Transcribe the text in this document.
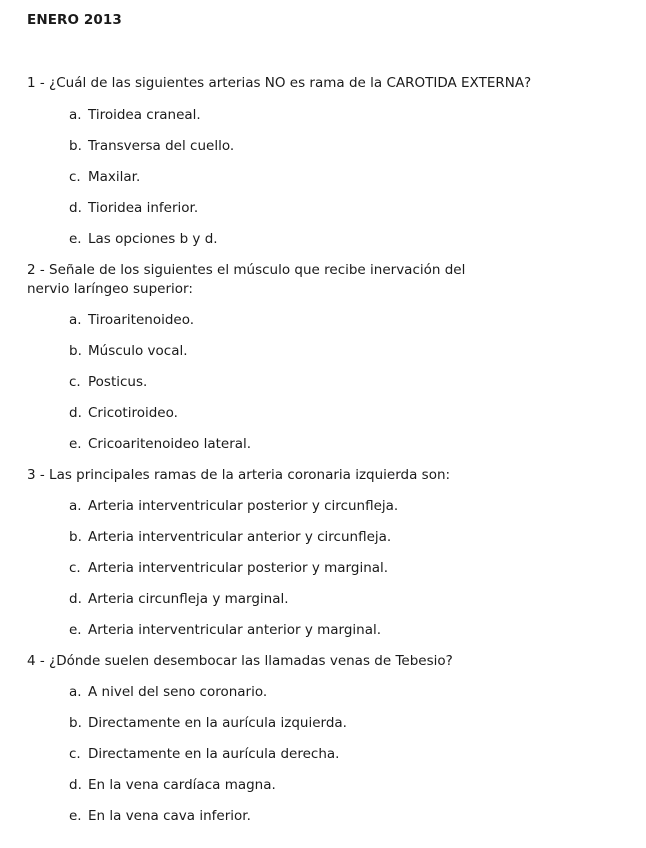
ENERO 2013
1 - ¿Cuál de las siguientes arterias NO es rama de la CAROTIDA EXTERNA?
a. Tiroidea craneal.
b. Transversa del cuello.
c. Maxilar.
d. Tioridea inferior.
e. Las opciones b y d.
2 - Señale de los siguientes el músculo que recibe inervación del nervio laríngeo superior:
a. Tiroaritenoideo.
b. Músculo vocal.
c. Posticus.
d. Cricotiroideo.
e. Cricoaritenoideo lateral.
3 - Las principales ramas de la arteria coronaria izquierda son:
a. Arteria interventricular posterior y circunfleja.
b. Arteria interventricular anterior y circunfleja.
c. Arteria interventricular posterior y marginal.
d. Arteria circunfleja y marginal.
e. Arteria interventricular anterior y marginal.
4 - ¿Dónde suelen desembocar las llamadas venas de Tebesio?
a. A nivel del seno coronario.
b. Directamente en la aurícula izquierda.
c. Directamente en la aurícula derecha.
d. En la vena cardíaca magna.
e. En la vena cava inferior.
